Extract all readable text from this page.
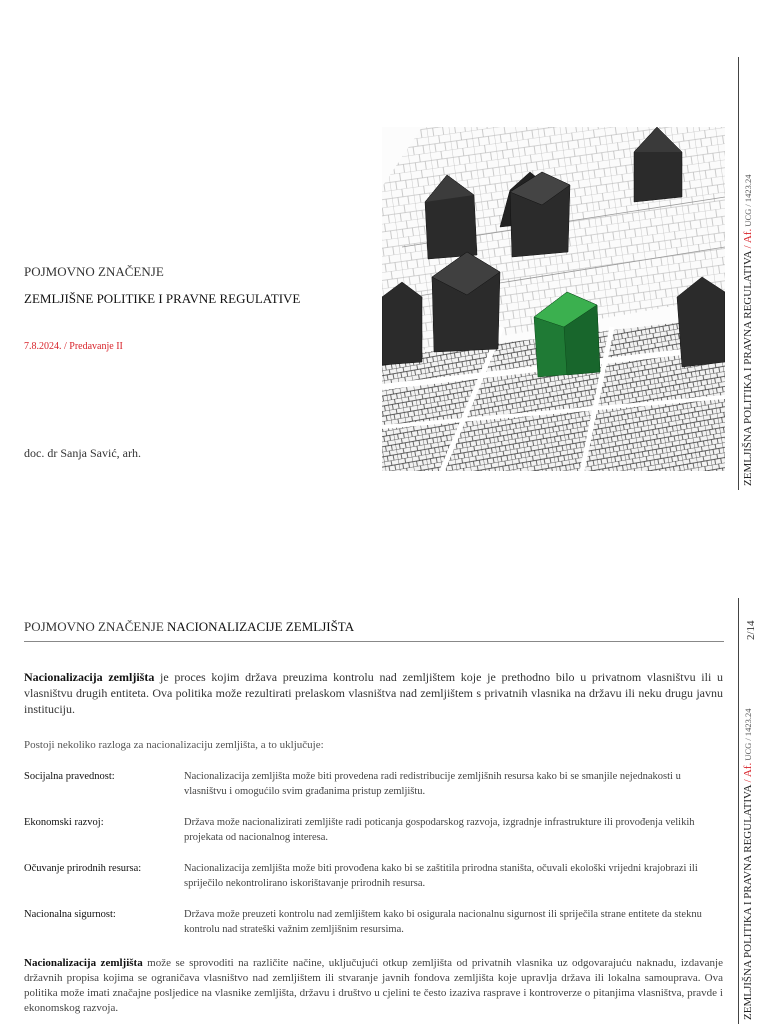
POJMOVNO ZNAČENJE
ZEMLJIŠNE POLITIKE I PRAVNE REGULATIVE
7.8.2024. / Predavanje II
doc. dr Sanja Savić, arh.	ZEMLJIŠNA POLITIKA I PRAVNA REGULATIVA / Af. UCG / 1423.24
POJMOVNO ZNAČENJE NACIONALIZACIJE ZEMLJIŠTA
Nacionalizacija zemljišta je proces kojim država preuzima kontrolu nad zemljištem koje je prethodno bilo u privatnom vlasništvu ili u vlasništvu drugih entiteta. Ova politika može rezultirati prelaskom vlasništva nad zemljištem s privatnih vlasnika na državu ili neku drugu javnu instituciju.
Postoji nekoliko razloga za nacionalizaciju zemljišta, a to uključuje:
Socijalna pravednost:	Nacionalizacija zemljišta može biti provedena radi redistribucije zemljišnih resursa kako bi se smanjile nejednakosti u vlasništvu i omogućilo svim građanima pristup zemljištu.
Ekonomski razvoj:	Država može nacionalizirati zemljište radi poticanja gospodarskog razvoja, izgradnje infrastrukture ili provođenja velikih projekata od nacionalnog interesa.
Očuvanje prirodnih resursa:	Nacionalizacija zemljišta može biti provođena kako bi se zaštitila prirodna staništa, očuvali ekološki vrijedni krajobrazi ili spriječilo nekontrolirano iskorištavanje prirodnih resursa.
Nacionalna sigurnost:	Država može preuzeti kontrolu nad zemljištem kako bi osigurala nacionalnu sigurnost ili spriječila strane entitete da steknu kontrolu nad strateški važnim zemljišnim resursima.
Nacionalizacija zemljišta može se sprovoditi na različite načine, uključujući otkup zemljišta od privatnih vlasnika uz odgovarajuću naknadu, izdavanje državnih propisa kojima se ograničava vlasništvo nad zemljištem ili stvaranje javnih fondova zemljišta koje upravlja država ili lokalna samouprava. Ova politika može imati značajne posljedice na vlasnike zemljišta, državu i društvo u cjelini te često izaziva rasprave i kontroverze o pitanjima vlasništva, pravde i ekonomskog razvoja.
2/14
ZEMLJIŠNA POLITIKA I PRAVNA REGULATIVA / Af. UCG / 1423.24
